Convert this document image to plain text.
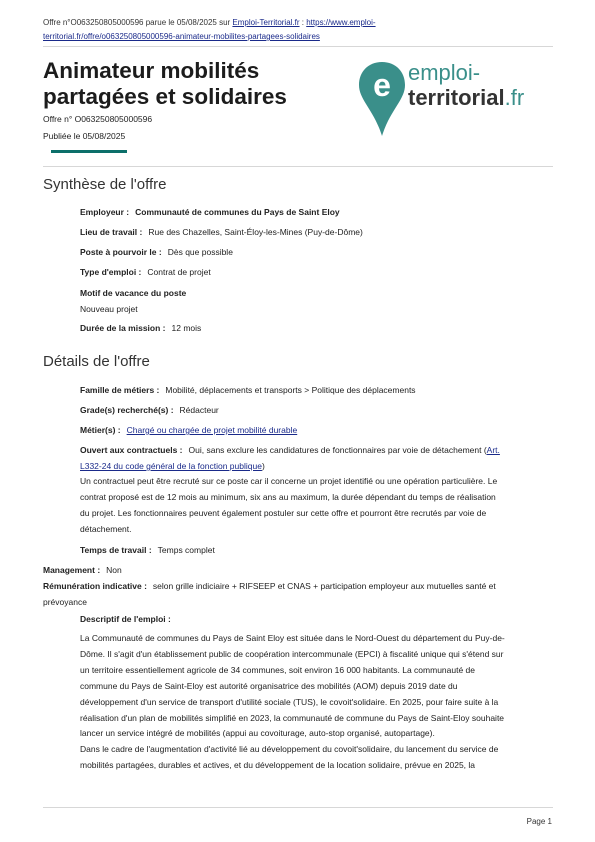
Offre n°O063250805000596 parue le 05/08/2025 sur Emploi-Territorial.fr : https://www.emploi-
territorial.fr/offre/o063250805000596-animateur-mobilites-partagees-solidaires
Animateur mobilités
partagées et solidaires
Offre n° O063250805000596
Publiée le 05/08/2025
e emploi-
territorial.fr
Synthèse de l'offre
Employeur : Communauté de communes du Pays de Saint Eloy
Lieu de travail : Rue des Chazelles, Saint-Éloy-les-Mines (Puy-de-Dôme)
Poste à pourvoir le : Dès que possible
Type d'emploi : Contrat de projet
Motif de vacance du poste
Nouveau projet
Durée de la mission : 12 mois
Détails de l'offre
Famille de métiers : Mobilité, déplacements et transports > Politique des déplacements
Grade(s) recherché(s) : Rédacteur
Métier(s) : Chargé ou chargée de projet mobilité durable
Ouvert aux contractuels : Oui, sans exclure les candidatures de fonctionnaires par voie de détachement (Art.
L332-24 du code général de la fonction publique)
Un contractuel peut être recruté sur ce poste car il concerne un projet identifié ou une opération particulière. Le
contrat proposé est de 12 mois au minimum, six ans au maximum, la durée dépendant du temps de réalisation
du projet. Les fonctionnaires peuvent également postuler sur cette offre et pourront être recrutés par voie de
détachement.
Temps de travail : Temps complet
Management : Non
Rémunération indicative : selon grille indiciaire + RIFSEEP et CNAS + participation employeur aux mutuelles santé et
prévoyance
Descriptif de l'emploi :
La Communauté de communes du Pays de Saint Eloy est située dans le Nord-Ouest du département du Puy-de-
Dôme. Il s'agit d'un établissement public de coopération intercommunale (EPCI) à fiscalité unique qui s'étend sur
un territoire essentiellement agricole de 34 communes, soit environ 16 000 habitants. La communauté de
commune du Pays de Saint-Eloy est autorité organisatrice des mobilités (AOM) depuis 2019 date du
développement d'un service de transport d'utilité sociale (TUS), le covoit'solidaire. En 2025, pour faire suite à la
réalisation d'un plan de mobilités simplifié en 2023, la communauté de commune du Pays de Saint-Eloy souhaite
lancer un service intégré de mobilités (appui au covoiturage, auto-stop organisé, autopartage).
Dans le cadre de l'augmentation d'activité lié au développement du covoit'solidaire, du lancement du service de
mobilités partagées, durables et actives, et du développement de la location solidaire, prévue en 2025, la
Page 1
